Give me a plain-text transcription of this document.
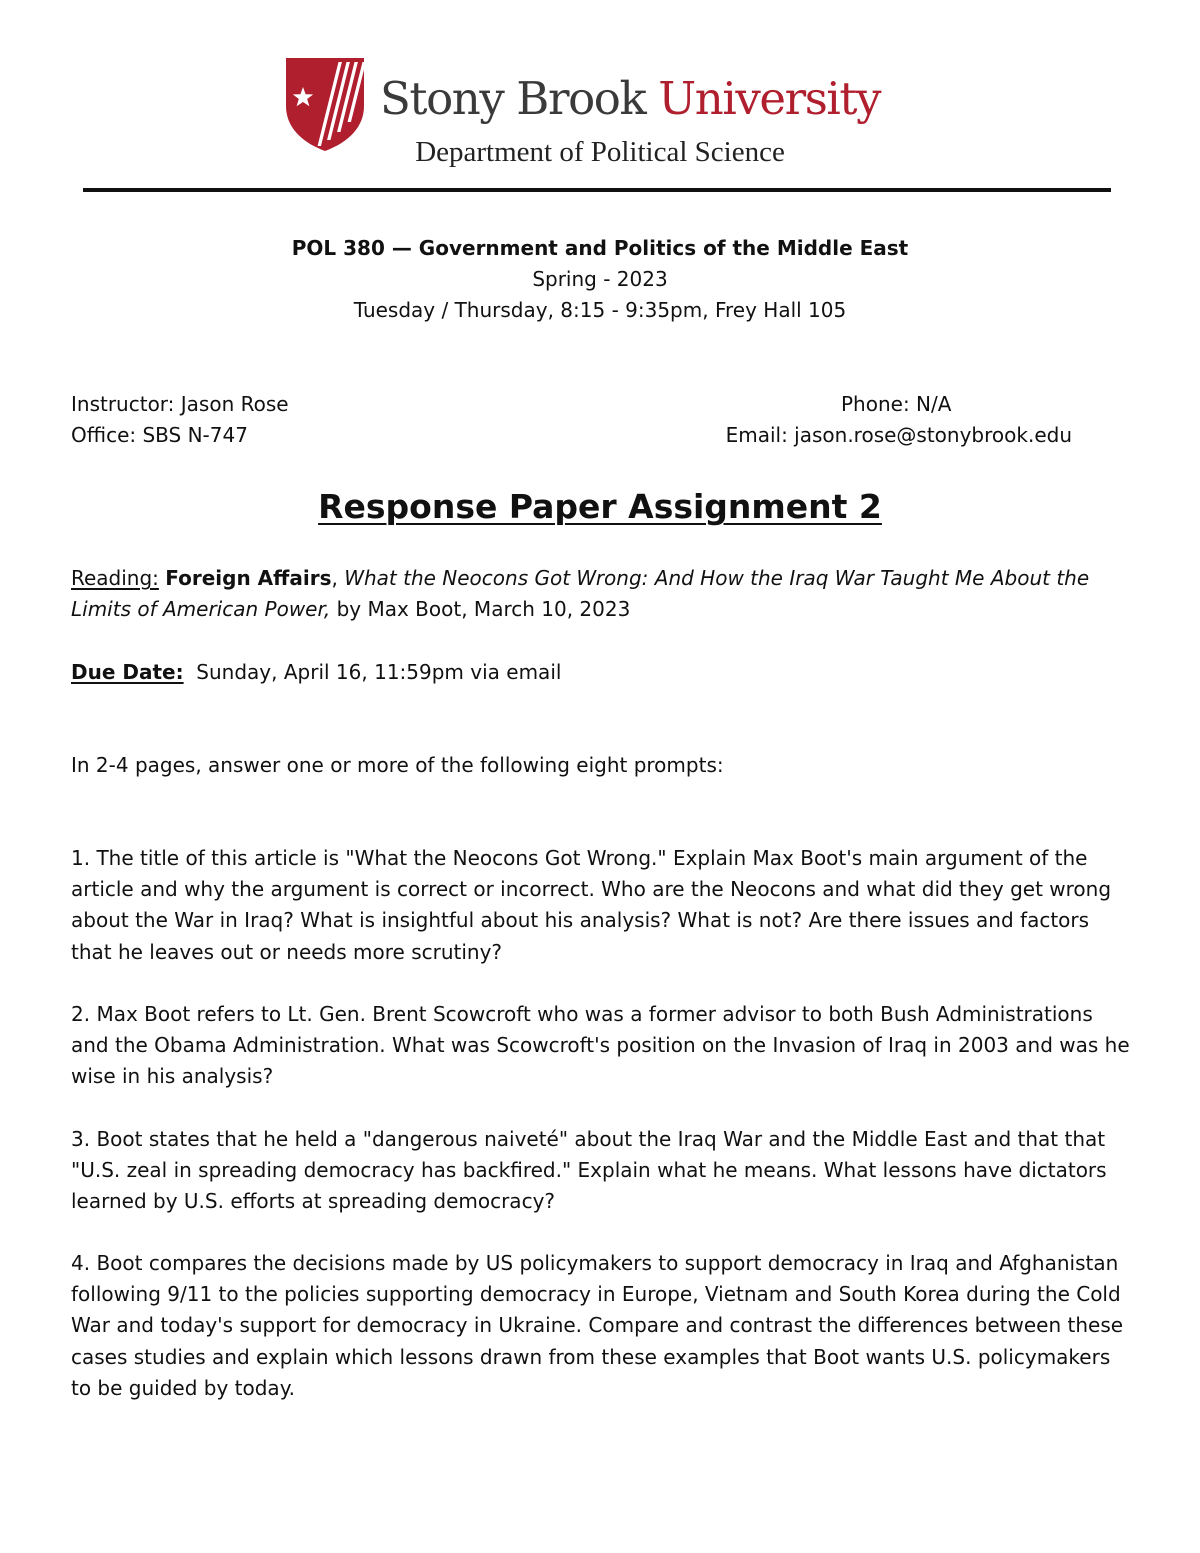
Stony Brook University
Department of Political Science
POL 380 — Government and Politics of the Middle East
Spring - 2023
Tuesday / Thursday, 8:15 - 9:35pm, Frey Hall 105
Instructor: Jason Rose	Phone: N/A
Office: SBS N-747	Email: jason.rose@stonybrook.edu
Response Paper Assignment 2
Reading: Foreign Affairs, What the Neocons Got Wrong: And How the Iraq War Taught Me About the Limits of American Power, by Max Boot, March 10, 2023
Due Date:  Sunday, April 16, 11:59pm via email
In 2-4 pages, answer one or more of the following eight prompts:
1. The title of this article is "What the Neocons Got Wrong." Explain Max Boot's main argument of the article and why the argument is correct or incorrect. Who are the Neocons and what did they get wrong about the War in Iraq? What is insightful about his analysis? What is not? Are there issues and factors that he leaves out or needs more scrutiny?
2. Max Boot refers to Lt. Gen. Brent Scowcroft who was a former advisor to both Bush Administrations and the Obama Administration. What was Scowcroft's position on the Invasion of Iraq in 2003 and was he wise in his analysis?
3. Boot states that he held a "dangerous naiveté" about the Iraq War and the Middle East and that that "U.S. zeal in spreading democracy has backfired." Explain what he means. What lessons have dictators learned by U.S. efforts at spreading democracy?
4. Boot compares the decisions made by US policymakers to support democracy in Iraq and Afghanistan following 9/11 to the policies supporting democracy in Europe, Vietnam and South Korea during the Cold War and today's support for democracy in Ukraine. Compare and contrast the differences between these cases studies and explain which lessons drawn from these examples that Boot wants U.S. policymakers to be guided by today.
